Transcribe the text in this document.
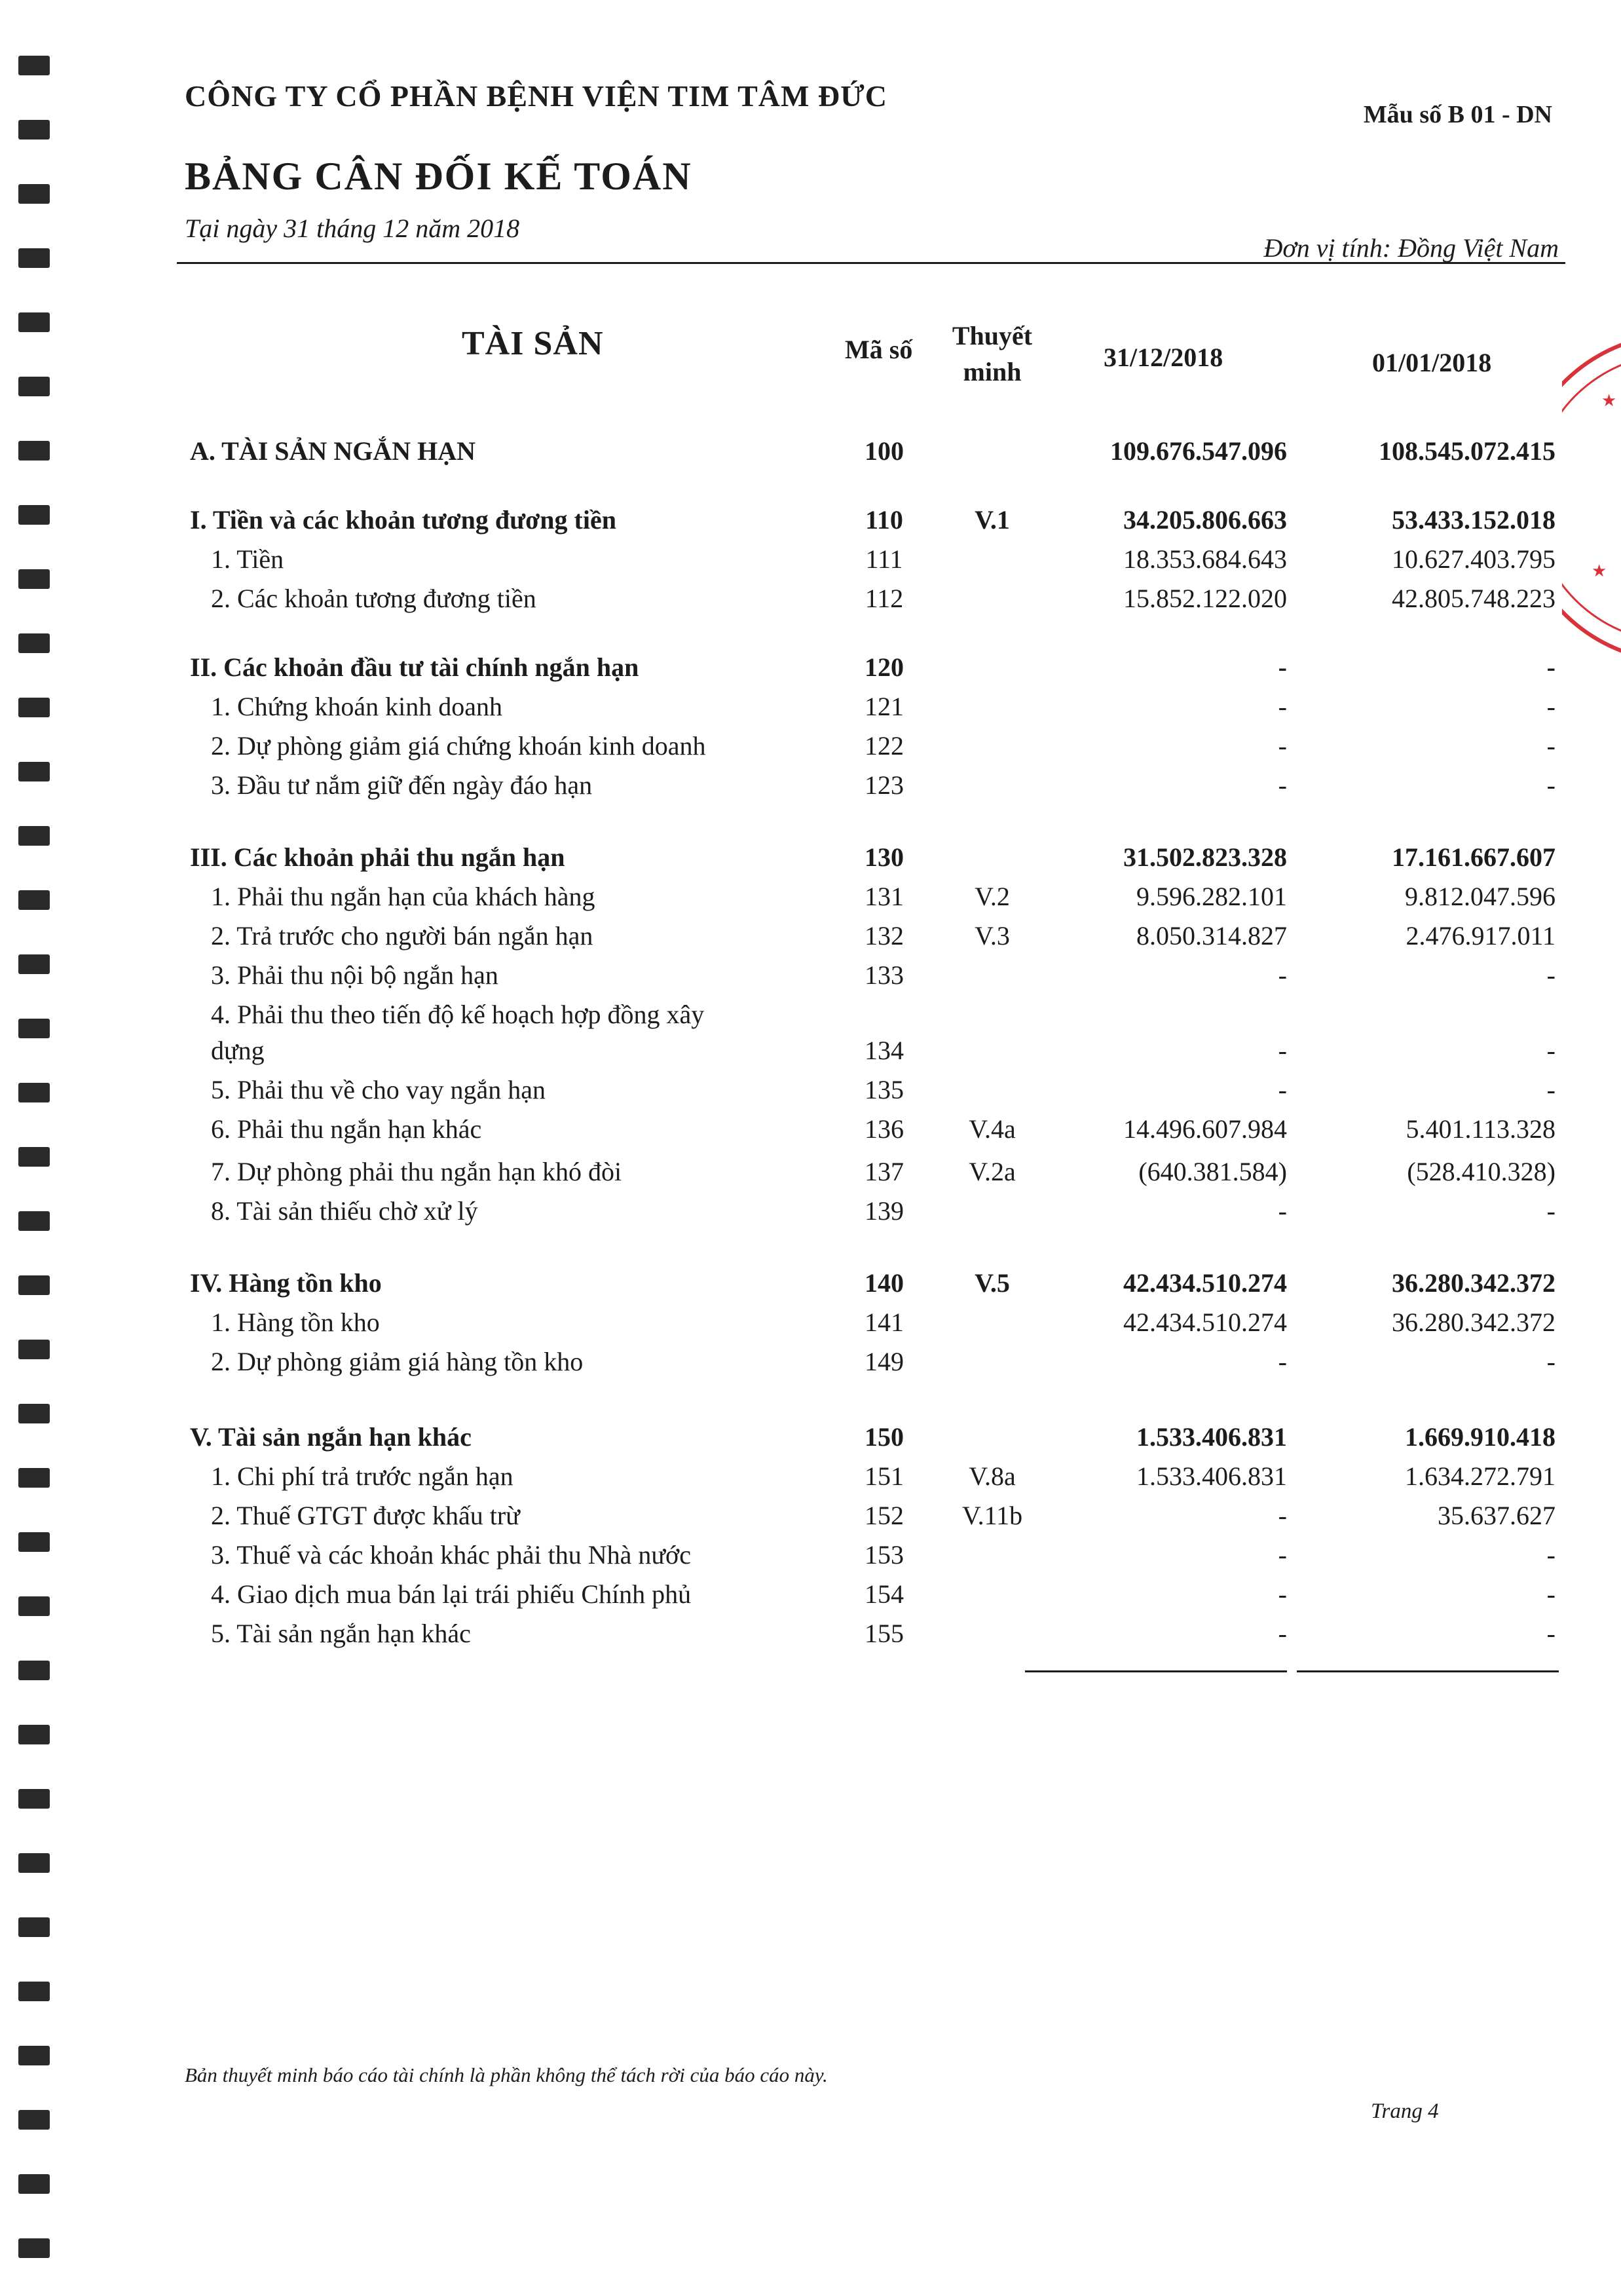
CÔNG TY CỔ PHẦN BỆNH VIỆN TIM TÂM ĐỨC
Mẫu số B 01 - DN
BẢNG CÂN ĐỐI KẾ TOÁN
Tại ngày 31 tháng 12 năm 2018
Đơn vị tính: Đồng Việt Nam
TÀI SẢN	Mã số	Thuyết minh	31/12/2018	01/01/2018
A. TÀI SẢN NGẮN HẠN	100	109.676.547.096	108.545.072.415
I. Tiền và các khoản tương đương tiền	110	V.1	34.205.806.663	53.433.152.018
1. Tiền	111	18.353.684.643	10.627.403.795
2. Các khoản tương đương tiền	112	15.852.122.020	42.805.748.223
II. Các khoản đầu tư tài chính ngắn hạn	120	-	-
1. Chứng khoán kinh doanh	121	-	-
2. Dự phòng giảm giá chứng khoán kinh doanh	122	-	-
3. Đầu tư nắm giữ đến ngày đáo hạn	123	-	-
III. Các khoản phải thu ngắn hạn	130	31.502.823.328	17.161.667.607
1. Phải thu ngắn hạn của khách hàng	131	V.2	9.596.282.101	9.812.047.596
2. Trả trước cho người bán ngắn hạn	132	V.3	8.050.314.827	2.476.917.011
3. Phải thu nội bộ ngắn hạn	133	-	-
4. Phải thu theo tiến độ kế hoạch hợp đồng xây
dựng	134	-	-
5. Phải thu về cho vay ngắn hạn	135	-	-
6. Phải thu ngắn hạn khác	136	V.4a	14.496.607.984	5.401.113.328
7. Dự phòng phải thu ngắn hạn khó đòi	137	V.2a	(640.381.584)	(528.410.328)
8. Tài sản thiếu chờ xử lý	139	-	-
IV. Hàng tồn kho	140	V.5	42.434.510.274	36.280.342.372
1. Hàng tồn kho	141	42.434.510.274	36.280.342.372
2. Dự phòng giảm giá hàng tồn kho	149	-	-
V. Tài sản ngắn hạn khác	150	1.533.406.831	1.669.910.418
1. Chi phí trả trước ngắn hạn	151	V.8a	1.533.406.831	1.634.272.791
2. Thuế GTGT được khấu trừ	152	V.11b	-	35.637.627
3. Thuế và các khoản khác phải thu Nhà nước	153	-	-
4. Giao dịch mua bán lại trái phiếu Chính phủ	154	-	-
5. Tài sản ngắn hạn khác	155	-	-
Bản thuyết minh báo cáo tài chính là phần không thể tách rời của báo cáo này.
Trang 4
★
★
